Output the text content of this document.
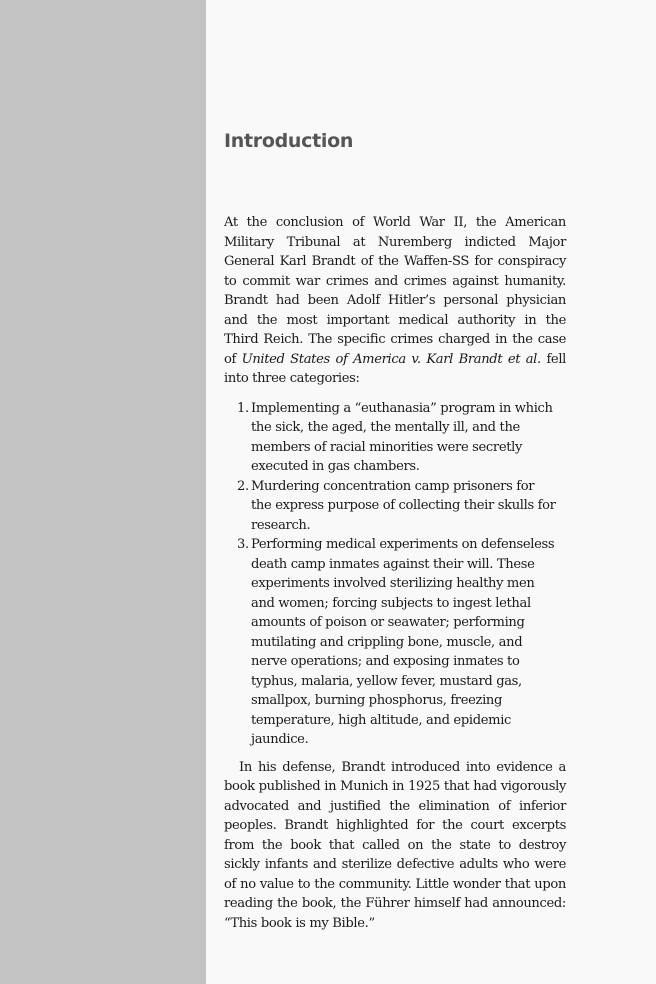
Introduction

At the conclusion of World War II, the American Military Tribunal at Nuremberg indicted Major General Karl Brandt of the Waffen-SS for conspiracy to commit war crimes and crimes against humanity. Brandt had been Adolf Hitler’s personal physician and the most important medical authority in the Third Reich. The specific crimes charged in the case of United States of America v. Karl Brandt et al. fell into three categories:

1. Implementing a “euthanasia” program in which the sick, the aged, the mentally ill, and the members of racial minorities were secretly executed in gas chambers.
2. Murdering concentration camp prisoners for the express purpose of collecting their skulls for research.
3. Performing medical experiments on defenseless death camp inmates against their will. These experiments involved sterilizing healthy men and women; forcing subjects to ingest lethal amounts of poison or seawater; performing mutilating and crippling bone, muscle, and nerve operations; and exposing inmates to typhus, malaria, yellow fever, mustard gas, smallpox, burning phosphorus, freezing temperature, high altitude, and epidemic jaundice.

In his defense, Brandt introduced into evidence a book published in Munich in 1925 that had vigorously advocated and justified the elimination of inferior peoples. Brandt highlighted for the court excerpts from the book that called on the state to destroy sickly infants and sterilize defective adults who were of no value to the community. Little wonder that upon reading the book, the Führer himself had announced: “This book is my Bible.”
